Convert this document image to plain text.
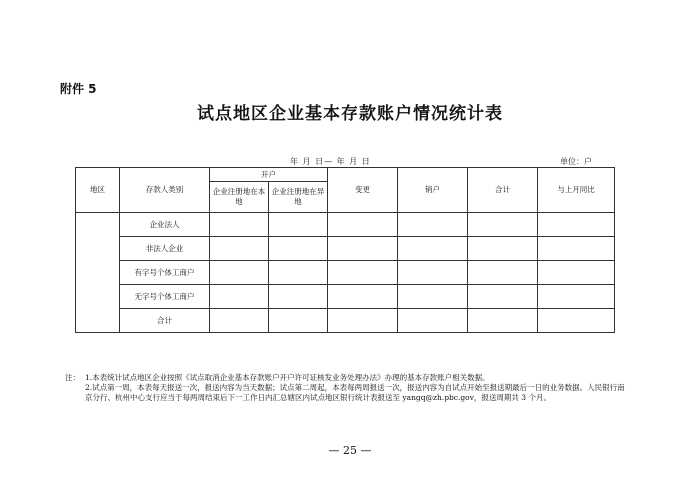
附件 5
试点地区企业基本存款账户情况统计表
年 月 日— 年 月 日	单位：户
地区	存款人类别	开户		变更	销户	合计	与上月同比
		企业注册地在本地	企业注册地在异地				
	企业法人						
	非法人企业						
	有字号个体工商户						
	无字号个体工商户						
	合计						
注： 1.本表统计试点地区企业按照《试点取消企业基本存款账户开户许可证核发业务处理办法》办理的基本存款账户相关数据。
2.试点第一周，本表每天报送一次，报送内容为当天数据；试点第二周起，本表每两周报送一次，报送内容为自试点开始至报送期最后一日的业务数据。人民银行南京分行、杭州中心支行应当于每两周结束后下一工作日内汇总辖区内试点地区银行统计表报送至 yangq@zh.pbc.gov，报送周期共 3 个月。
— 25 —
